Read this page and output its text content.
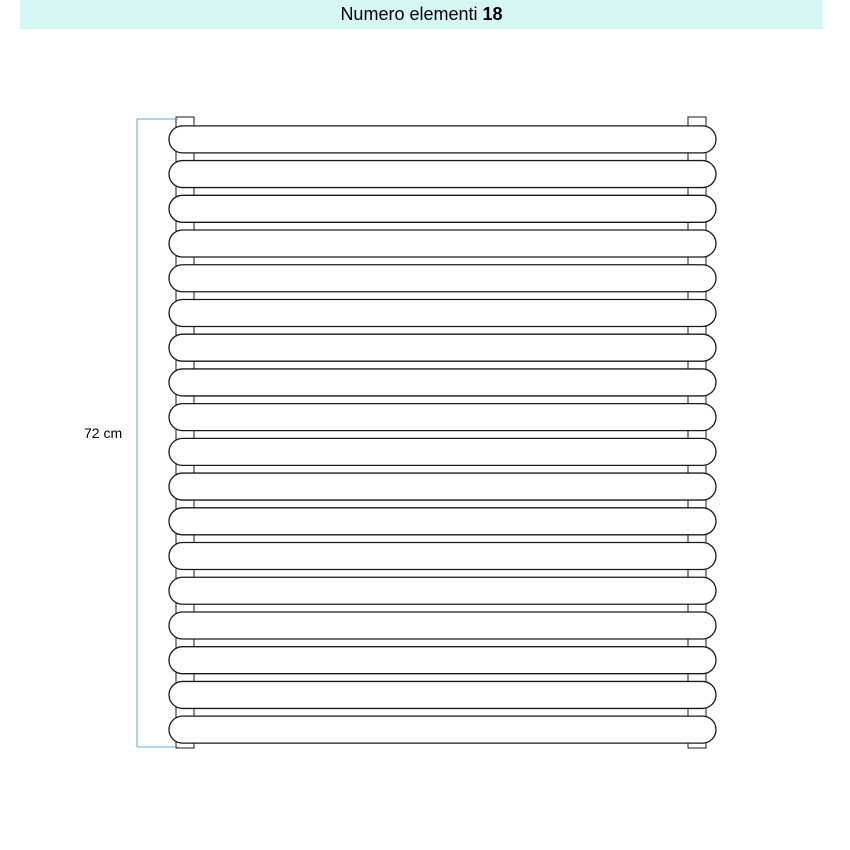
Numero elementi 18
72 cm
